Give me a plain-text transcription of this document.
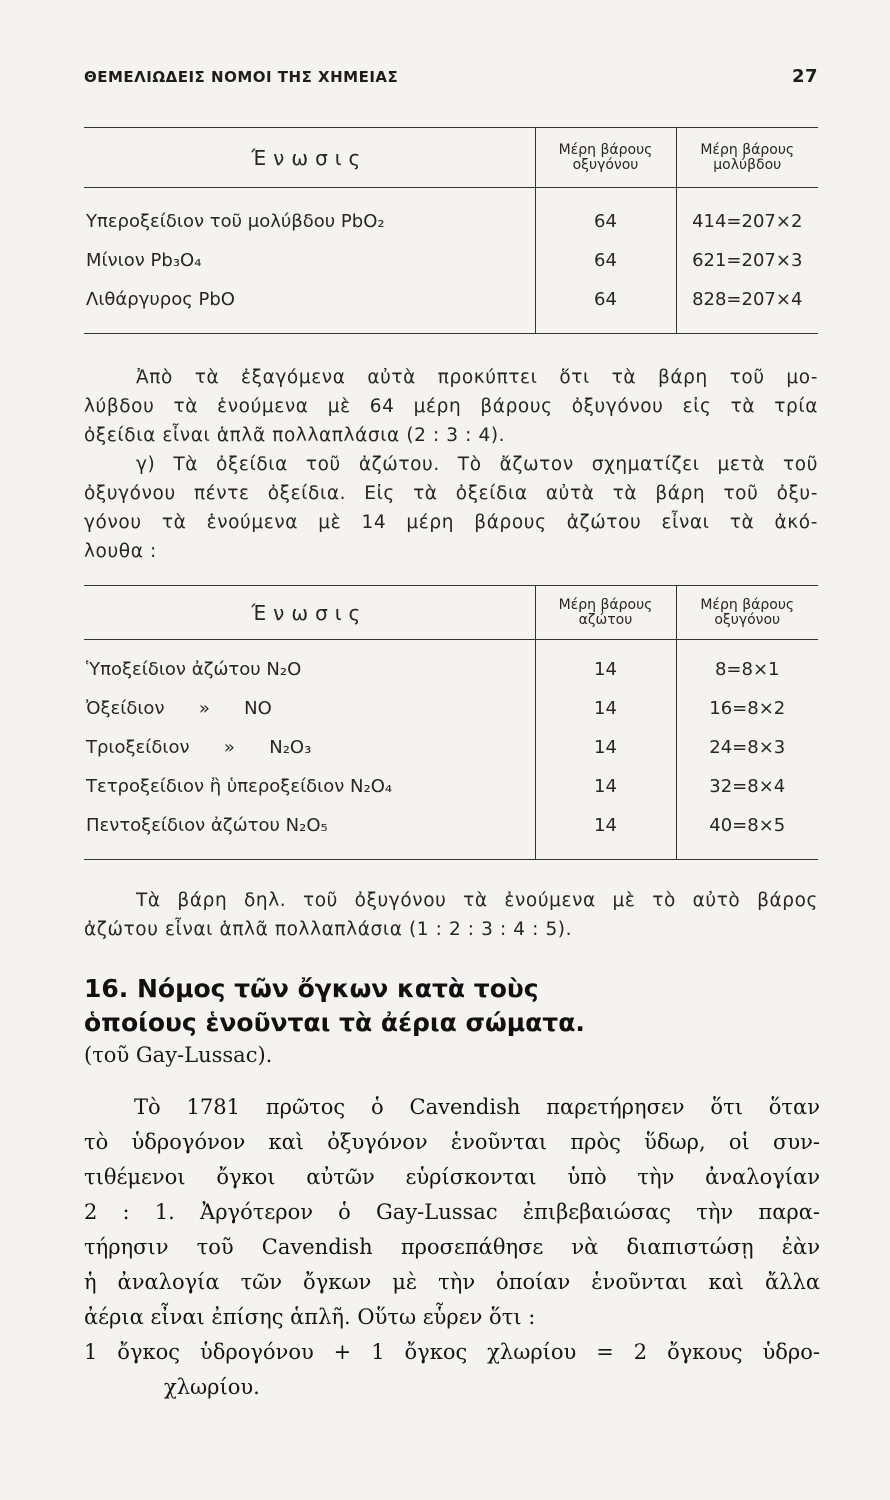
ΘΕΜΕΛΙΩΔΕΙΣ ΝΟΜΟΙ ΤΗΣ ΧΗΜΕΙΑΣ	27
Ένωσις	Μέρη βάρους οξυγόνου	Μέρη βάρους μολύβδου

Υπεροξείδιον τοῦ μολύβδου PbO₂	64	414=207×2
Μίνιον Pb₃O₄	64	621=207×3
Λιθάργυρος PbO	64	828=207×4

Ἀπὸ τὰ ἐξαγόμενα αὐτὰ προκύπτει ὅτι τὰ βάρη τοῦ μο-
λύβδου τὰ ἑνούμενα μὲ 64 μέρη βάρους ὀξυγόνου εἰς τὰ τρία
ὀξείδια εἶναι ἁπλᾶ πολλαπλάσια (2 : 3 : 4).
γ) Τὰ ὀξείδια τοῦ ἀζώτου. Τὸ ἄζωτον σχηματίζει μετὰ τοῦ
ὀξυγόνου πέντε ὀξείδια. Εἰς τὰ ὀξείδια αὐτὰ τὰ βάρη τοῦ ὀξυ-
γόνου τὰ ἑνούμενα μὲ 14 μέρη βάρους ἀζώτου εἶναι τὰ ἀκό-
λουθα :
Ένωσις	Μέρη βάρους αζώτου	Μέρη βάρους οξυγόνου

Ὑποξείδιον ἀζώτου N₂O	14	8=8×1
Ὀξείδιον      »      NO	14	16=8×2
Τριοξείδιον      »      N₂O₃	14	24=8×3
Τετροξείδιον ἢ ὑπεροξείδιον N₂O₄	14	32=8×4
Πεντοξείδιον ἀζώτου N₂O₅	14	40=8×5

Τὰ βάρη δηλ. τοῦ ὀξυγόνου τὰ ἑνούμενα μὲ τὸ αὐτὸ βάρος
ἀζώτου εἶναι ἁπλᾶ πολλαπλάσια (1 : 2 : 3 : 4 : 5).
16. Νόμος τῶν ὄγκων κατὰ τοὺς
ὁποίους ἑνοῦνται τὰ ἀέρια σώματα.
(τοῦ Gay-Lussac).
Τὸ 1781 πρῶτος ὁ Cavendish παρετήρησεν ὅτι ὅταν
τὸ ὑδρογόνον καὶ ὀξυγόνον ἑνοῦνται πρὸς ὕδωρ, οἱ συν-
τιθέμενοι ὄγκοι αὐτῶν εὑρίσκονται ὑπὸ τὴν ἀναλογίαν
2 : 1. Ἀργότερον ὁ Gay-Lussac ἐπιβεβαιώσας τὴν παρα-
τήρησιν τοῦ Cavendish προσεπάθησε νὰ διαπιστώσῃ ἐὰν
ἡ ἀναλογία τῶν ὄγκων μὲ τὴν ὁποίαν ἑνοῦνται καὶ ἄλλα
ἀέρια εἶναι ἐπίσης ἁπλῆ. Οὕτω εὗρεν ὅτι :
1 ὄγκος ὑδρογόνου + 1 ὄγκος χλωρίου = 2 ὄγκους ὑδρο-
χλωρίου.
